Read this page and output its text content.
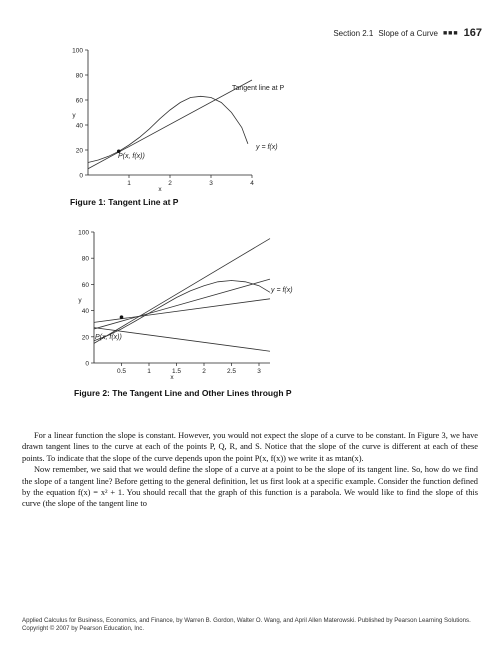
Section 2.1 Slope of a Curve ■■■ 167
0
20
40
60
80
100
1	2	3	4
x
y
Tangent line at P
y = f(x)
P(x, f(x))
Figure 1: Tangent Line at P
0
20
40
60
80
100
0.5	1	1.5	2	2.5	3
x
y
y = f(x)
P(x, f(x))
Figure 2: The Tangent Line and Other Lines through P

For a linear function the slope is constant. However, you would not expect the slope of a curve to be constant. In Figure 3, we have drawn tangent lines to the curve at each of the points P, Q, R, and S. Notice that the slope of the curve is different at each of these points. To indicate that the slope of the curve depends upon the point P(x, f(x)) we write it as mtan(x).

Now remember, we said that we would define the slope of a curve at a point to be the slope of its tangent line. So, how do we find the slope of a tangent line? Before getting to the general definition, let us first look at a specific example. Consider the function defined by the equation f(x) = x² + 1. You should recall that the graph of this function is a parabola. We would like to find the slope of this curve (the slope of the tangent line to

Applied Calculus for Business, Economics, and Finance, by Warren B. Gordon, Walter O. Wang, and April Allen Materowski. Published by Pearson Learning Solutions.
Copyright © 2007 by Pearson Education, Inc.
